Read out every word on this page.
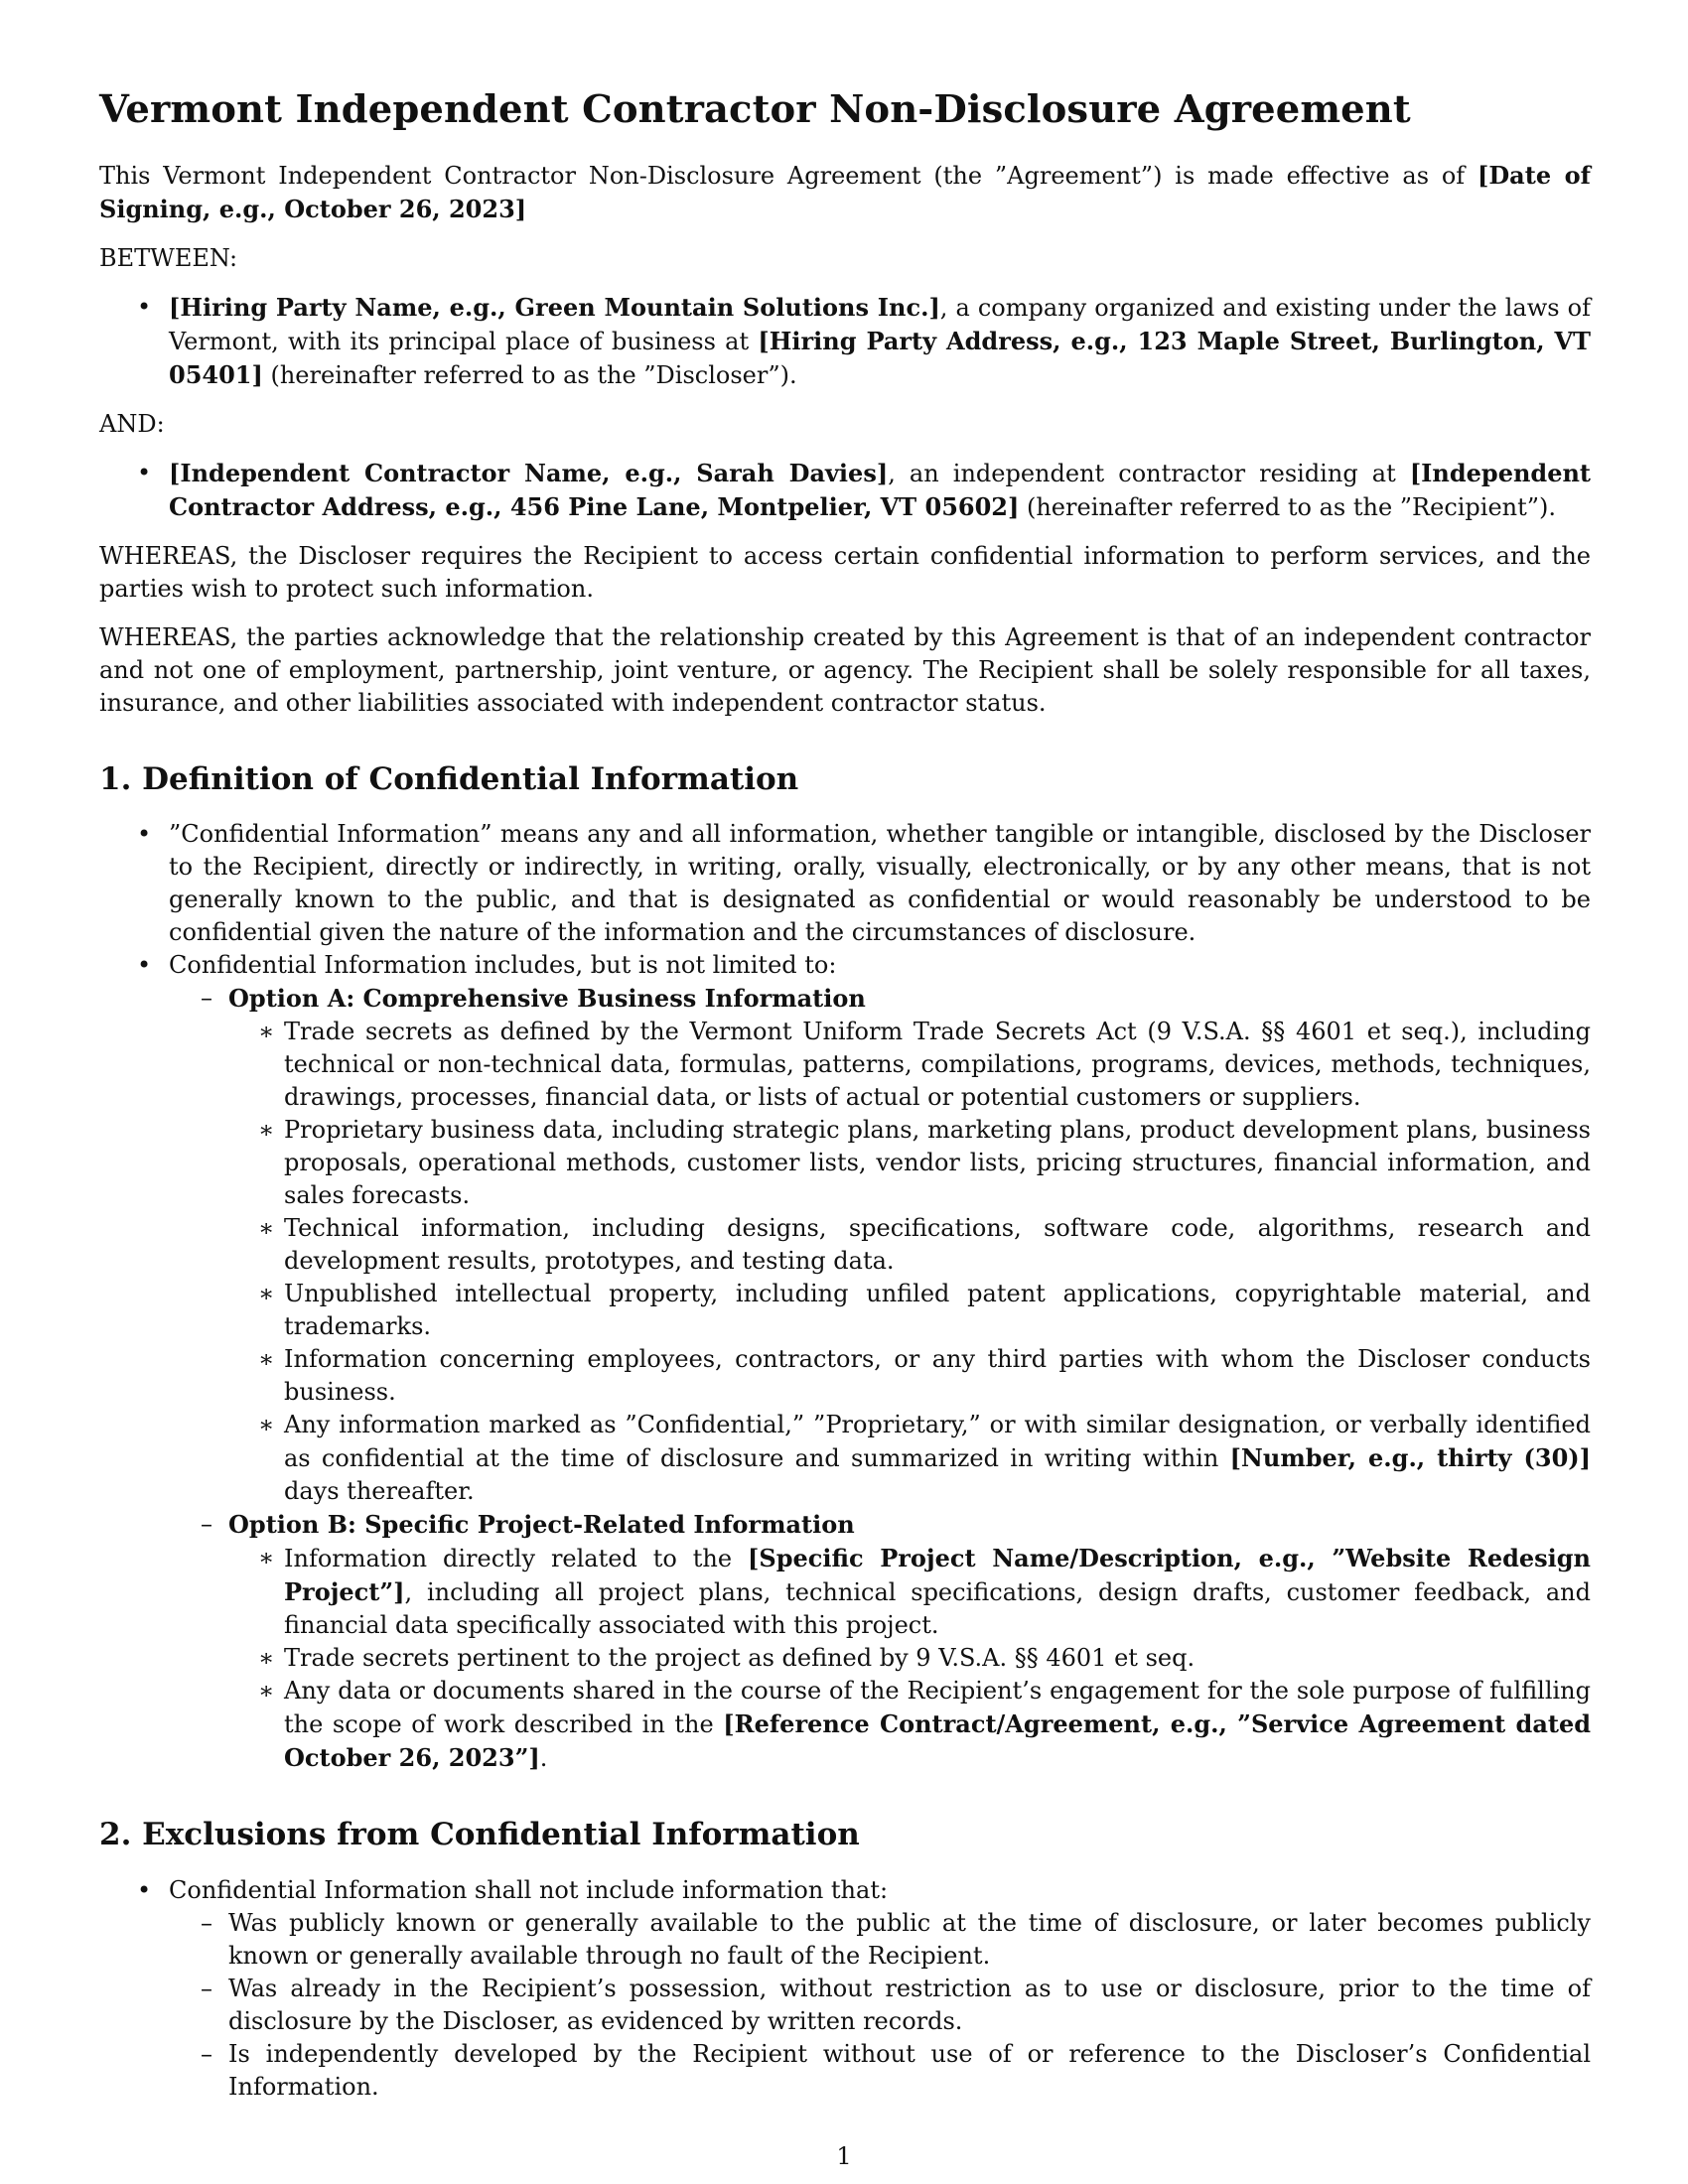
Vermont Independent Contractor Non-Disclosure Agreement

This Vermont Independent Contractor Non-Disclosure Agreement (the ”Agreement”) is made effective as of [Date of Signing, e.g., October 26, 2023]

BETWEEN:

• [Hiring Party Name, e.g., Green Mountain Solutions Inc.], a company organized and existing under the laws of Vermont, with its principal place of business at [Hiring Party Address, e.g., 123 Maple Street, Burlington, VT 05401] (hereinafter referred to as the ”Discloser”).

AND:

• [Independent Contractor Name, e.g., Sarah Davies], an independent contractor residing at [Independent Contractor Address, e.g., 456 Pine Lane, Montpelier, VT 05602] (hereinafter referred to as the ”Recipient”).

WHEREAS, the Discloser requires the Recipient to access certain confidential information to perform services, and the parties wish to protect such information.

WHEREAS, the parties acknowledge that the relationship created by this Agreement is that of an independent contractor and not one of employment, partnership, joint venture, or agency. The Recipient shall be solely responsible for all taxes, insurance, and other liabilities associated with independent contractor status.

1. Definition of Confidential Information
• ”Confidential Information” means any and all information, whether tangible or intangible, disclosed by the Discloser to the Recipient, directly or indirectly, in writing, orally, visually, electronically, or by any other means, that is not generally known to the public, and that is designated as confidential or would reasonably be understood to be confidential given the nature of the information and the circumstances of disclosure.
• Confidential Information includes, but is not limited to:
– Option A: Comprehensive Business Information
∗ Trade secrets as defined by the Vermont Uniform Trade Secrets Act (9 V.S.A. §§ 4601 et seq.), including technical or non-technical data, formulas, patterns, compilations, programs, devices, methods, techniques, drawings, processes, financial data, or lists of actual or potential customers or suppliers.
∗ Proprietary business data, including strategic plans, marketing plans, product development plans, business proposals, operational methods, customer lists, vendor lists, pricing structures, financial information, and sales forecasts.
∗ Technical information, including designs, specifications, software code, algorithms, research and development results, prototypes, and testing data.
∗ Unpublished intellectual property, including unfiled patent applications, copyrightable material, and trademarks.
∗ Information concerning employees, contractors, or any third parties with whom the Discloser conducts business.
∗ Any information marked as ”Confidential,” ”Proprietary,” or with similar designation, or verbally identified as confidential at the time of disclosure and summarized in writing within [Number, e.g., thirty (30)] days thereafter.
– Option B: Specific Project-Related Information
∗ Information directly related to the [Specific Project Name/Description, e.g., ”Website Redesign Project”], including all project plans, technical specifications, design drafts, customer feedback, and financial data specifically associated with this project.
∗ Trade secrets pertinent to the project as defined by 9 V.S.A. §§ 4601 et seq.
∗ Any data or documents shared in the course of the Recipient’s engagement for the sole purpose of fulfilling the scope of work described in the [Reference Contract/Agreement, e.g., ”Service Agreement dated October 26, 2023”].
2. Exclusions from Confidential Information
• Confidential Information shall not include information that:
– Was publicly known or generally available to the public at the time of disclosure, or later becomes publicly known or generally available through no fault of the Recipient.
– Was already in the Recipient’s possession, without restriction as to use or disclosure, prior to the time of disclosure by the Discloser, as evidenced by written records.
– Is independently developed by the Recipient without use of or reference to the Discloser’s Confidential Information.
1
